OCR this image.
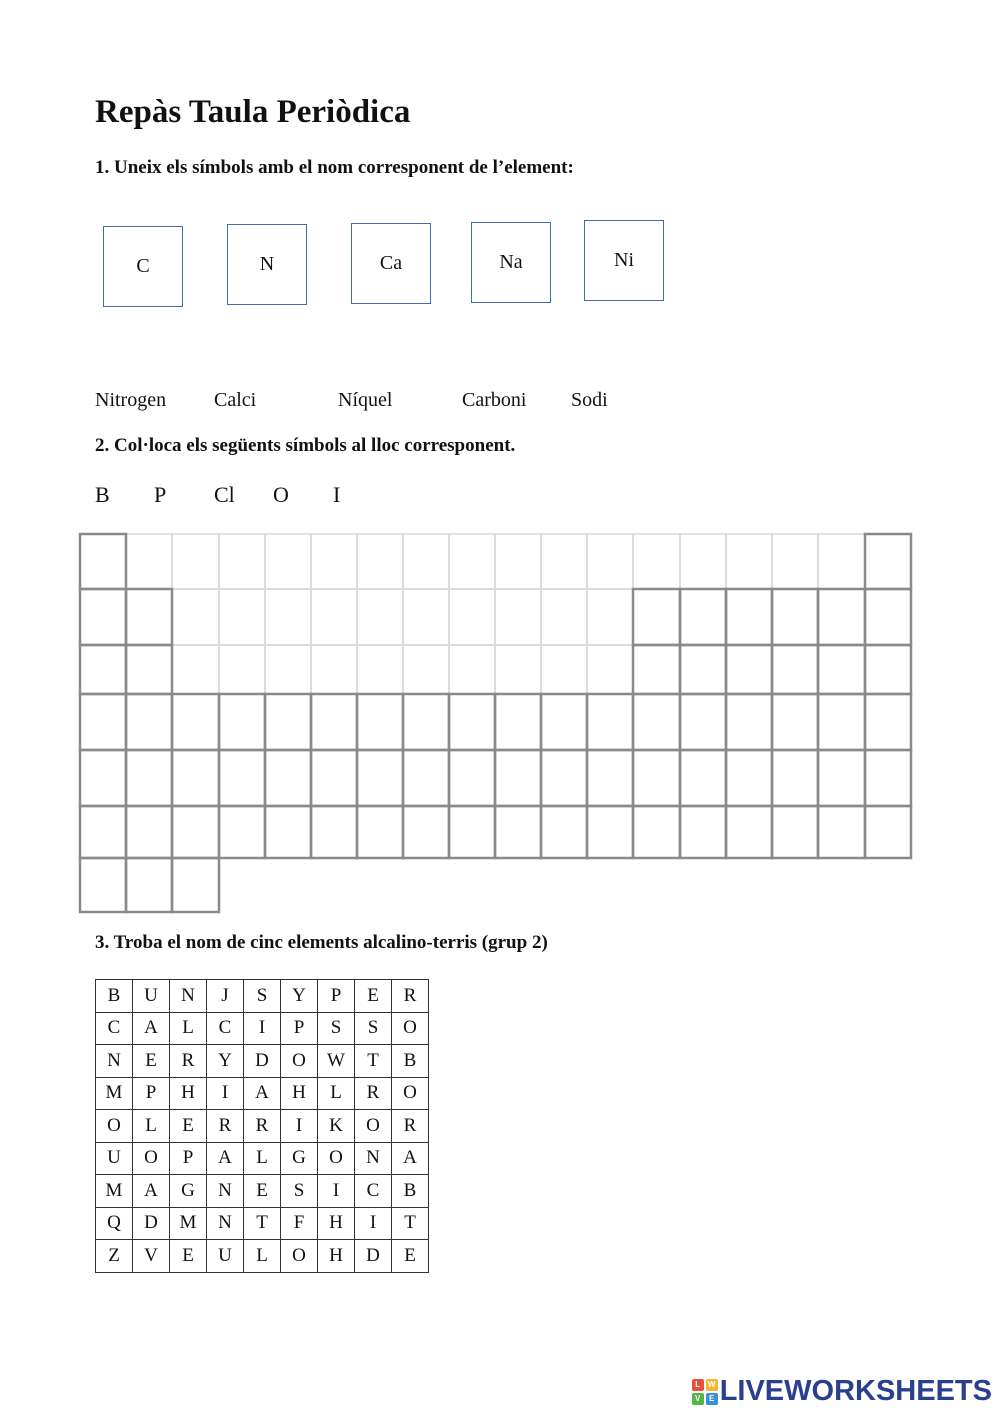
Repàs Taula Periòdica
1. Uneix els símbols amb el nom corresponent de l’element:
C	N	Ca	Na	Ni
Nitrogen Calci	Níquel	Carboni Sodi
2. Col·loca els següents símbols al lloc corresponent.
B P Cl O I
3. Troba el nom de cinc elements alcalino-terris (grup 2)
B	U	N	J	S	Y	P	E	R
C	A	L	C	I	P	S	S	O
N	E	R	Y	D	O	W	T	B
M	P	H	I	A	H	L	R	O
O	L	E	R	R	I	K	O	R
U	O	P	A	L	G	O	N	A
M	A	G	N	E	S	I	C	B
Q	D	M	N	T	F	H	I	T
Z	V	E	U	L	O	H	D	E
L W
V	E LIVEWORKSHEETS
